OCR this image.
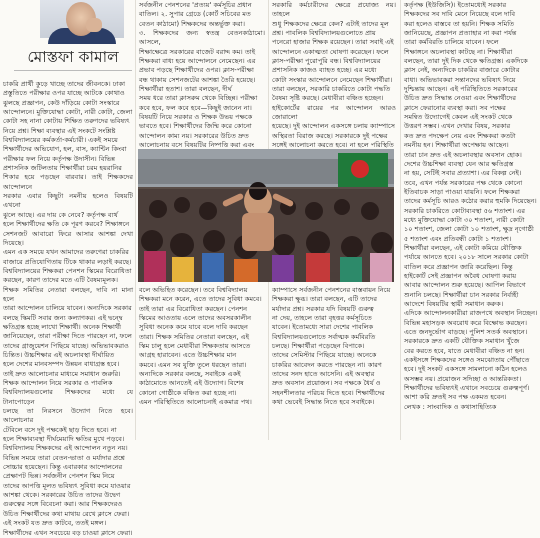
মোস্তফা কামাল

চাকরি প্রার্থী কুড়ে খাচ্ছে তাদের জীবনকে। ঢাকা

প্রস্তুতিতে পরীক্ষার ওপর যাচ্ছে আটকে কোথাও

ঝুলছে প্রজ্ঞাপন, কেউ দাঁড়িয়ে কোটা সংস্কারে

আন্দোলনে। মুক্তিযোদ্ধা কোটা, নারী কোটা, জেলা

কোটা সহ নানা কোটায় শিক্ষিত তরুণদের ভবিষ্যৎ

নিয়ে প্রশ্ন। শিক্ষা ব্যবস্থার এই সংকটে সংশ্লিষ্ট

বিশ্ববিদ্যালয়ের কর্মকর্তা-কর্মচারী। একই সময়ে

শিক্ষার্থীদের অভিযোগ, হল, বাস, ক্যান্টিন কিংবা

পরীক্ষার ফল নিয়ে কর্তৃপক্ষ উদাসীন। বিভিন্ন

প্রশাসনিক জটিলতায় শিক্ষার্থীরা চরম হয়রানির

শিকার হয়ে পড়ছেন বারবার। তাই শিক্ষকদের আন্দোলনে

সরকার এবার কিছুটা নমনীয় হলেও বিষয়টি এখনো

ঝুলে আছে। এর দায় কে নেবে? কর্তৃপক্ষ ব্যর্থ

হলে শিক্ষার্থীদের ক্ষতি কে পূরণ করবে? শিক্ষাঙ্গনে

সেশনজট আবারো ফিরে আসার আশঙ্কা দেখা দিয়েছে।

এমন এক সময়ে যখন আমাদের তরুণেরা চাকরির

বাজারে প্রতিযোগিতায় টিকে থাকার লড়াই করছে।

বিশ্ববিদ্যালয়ের শিক্ষকরা পেনশন স্কিমের বিরোধিতা

করছেন, কারণ তাদের মতে এটি বৈষম্যমূলক।

শিক্ষক সমিতির নেতারা বলছেন, দাবি না মানা হলে

তারা আন্দোলন চালিয়ে যাবেন। অন্যদিকে সরকার

বলছে স্কিমটি সবার জন্য কল্যাণকর। এই দ্বন্দ্বে

ক্ষতিগ্রস্ত হচ্ছে লাখো শিক্ষার্থী। অনেক শিক্ষার্থী

জানিয়েছেন, তারা পরীক্ষা দিতে পারছেন না, ফলে

তাদের গ্রাজুয়েশন পিছিয়ে যাচ্ছে। অভিভাবকরাও

চিন্তিত। উচ্চশিক্ষার এই অচলাবস্থা দীর্ঘায়িত

হলে দেশের মানবসম্পদ উন্নয়ন বাধাগ্রস্ত হবে।

তাই দ্রুত আলোচনার মাধ্যমে সমাধান জরুরি।

শিক্ষক আন্দোলন নিয়ে সরকার ও পাবলিক

বিশ্ববিদ্যালয়গুলোর শিক্ষকদের মধ্যে যে টানাপোড়েন

চলছে তা নিরসনে উদ্যোগ নিতে হবে। আলোচনার

টেবিলে বসে দুই পক্ষকেই ছাড় দিতে হবে। না

হলে শিক্ষাব্যবস্থা দীর্ঘমেয়াদি ক্ষতির মুখে পড়বে।

বিশ্ববিদ্যালয় শিক্ষকদের এই আন্দোলন নতুন নয়।

বিভিন্ন সময়ে তারা বেতন-ভাতা ও মর্যাদার প্রশ্নে

সোচ্চার হয়েছেন। কিন্তু এবারকার আন্দোলনের

প্রেক্ষাপট ভিন্ন। সর্বজনীন পেনশন স্কিম নিয়ে

তাদের আপত্তি মূলত ভবিষ্যৎ সুবিধা কমে যাওয়ার

আশঙ্কা থেকে। সরকারের উচিত তাদের উদ্বেগ

গুরুত্বের সঙ্গে বিবেচনা করা। আর শিক্ষকদেরও

উচিত শিক্ষার্থীদের কথা মাথায় রেখে ক্লাসে ফেরা।

এই সংকট যত দ্রুত কাটবে, ততই মঙ্গল।

শিক্ষার্থীদের এখন সবচেয়ে বড় চাওয়া ক্লাসে ফেরা।

সর্বজনীন পেনশনের 'প্রত্যয়' কর্মসূচির প্রধান

বাতিল। ২. সুপার গ্রেডে (কোর্ট সচিবের মত

বেতন কাঠামো) শিক্ষকদের অন্তর্ভুক্ত করা।

৩. শিক্ষকদের জন্য স্বতন্ত্র বেতনকাঠামো। আসলে,

শিক্ষাক্ষেত্রে সরকারের বাজেট বরাদ্দ কম। তাই

শিক্ষকরা বাধ্য হয়ে আন্দোলনে নেমেছেন। এর

প্রভাব পড়ছে শিক্ষার্থীদের ওপর। ক্লাস-পরীক্ষা

বন্ধ থাকায় সেশনজটের আশঙ্কা তৈরি হয়েছে।

শিক্ষার্থীরা হতাশ। তারা বলছেন, দীর্ঘ

সময় ধরে তারা ক্লাসরুম থেকে বিচ্ছিন্ন। পরীক্ষা

কবে হবে, ফল কবে হবে—কিছুই জানেন না।

বিষয়টি নিয়ে সরকার ও শিক্ষক উভয় পক্ষকে

ভাবতে হবে। শিক্ষার্থীদের জিম্মি করে কোনো

আন্দোলন কাম্য নয়। সরকারের উচিত দ্রুত

আলোচনায় বসে বিষয়টির নিষ্পত্তি করা এবং

সরকারি কর্মচারীদের ক্ষেত্রে প্রযোজ্য নয়। তাহলে

শুধু শিক্ষকদের ক্ষেত্রে কেন? এটাই তাদের মূল

প্রশ্ন। পাবলিক বিশ্ববিদ্যালয়গুলোতে প্রায়

পনেরো হাজার শিক্ষক রয়েছেন। তারা সবাই এই

আন্দোলনে একাত্মতা ঘোষণা করেছেন। ফলে

ক্লাস-পরীক্ষা পুরোপুরি বন্ধ। বিশ্ববিদ্যালয়ের

প্রশাসনিক কাজও ব্যাহত হচ্ছে। এর মধ্যে

কোটা সংস্কার আন্দোলনে নেমেছেন শিক্ষার্থীরা।

তারা বলছেন, সরকারি চাকরিতে কোটা পদ্ধতি

বৈষম্য সৃষ্টি করছে। মেধাবীরা বঞ্চিত হচ্ছেন।

হাইকোর্টের রায়ের পর আন্দোলন আরও জোরালো

হয়েছে। দুই আন্দোলন একসঙ্গে চলায় ক্যাম্পাসে

অস্থিরতা বিরাজ করছে। সরকারকে দুই পক্ষের

সঙ্গেই আলোচনা করতে হবে। না হলে পরিস্থিতি

কর্তৃপক্ষ (ইউজিসি)। ইতোমধ্যেই সরকার

শিক্ষকদের সব দাবি মেনে নিয়েছে বলে দাবি

করা হলেও বাস্তবে তা হয়নি। শিক্ষক সমিতি

জানিয়েছে, প্রজ্ঞাপন প্রত্যাহার না করা পর্যন্ত

তারা কর্মবিরতি চালিয়ে যাবেন। ফলে

শিক্ষাঙ্গনে অচলাবস্থা কাটছে না। শিক্ষার্থীরা

বলছেন, তারা দুই দিক থেকে ক্ষতিগ্রস্ত। একদিকে

ক্লাস নেই, অন্যদিকে চাকরির বাজারে কোটার

বাধা। অভিভাবকরা সন্তানদের ভবিষ্যৎ নিয়ে

দুশ্চিন্তায় আছেন। এই পরিস্থিতিতে সরকারের

উচিত দ্রুত সিদ্ধান্ত নেওয়া এবং শিক্ষার্থীদের

ক্লাসে ফেরানোর ব্যবস্থা করা। সব পক্ষের

সমন্বিত উদ্যোগেই কেবল এই সংকট থেকে

উত্তরণ সম্ভব। এখন দেখার বিষয়, সরকার

কত দ্রুত পদক্ষেপ নেয় এবং শিক্ষকরা কতটা

নমনীয় হন। শিক্ষার্থীরা অপেক্ষায় আছেন।

তারা চান দ্রুত এই অচলাবস্থার অবসান হোক।

দেশের উচ্চশিক্ষা ব্যবস্থা যেন আর ক্ষতিগ্রস্ত

না হয়, সেটিই সবার প্রত্যাশা। এর বিকল্প নেই।

তবে, এখন পর্যন্ত সরকারের পক্ষ থেকে কোনো

ইতিবাচক সাড়া পাওয়া যায়নি। ফলে শিক্ষকরা

তাদের কর্মসূচি আরও কঠোর করার হুমকি দিয়েছেন।

সরকারি চাকরিতে কোটাব্যবস্থা ৫৬ শতাংশ। এর

মধ্যে মুক্তিযোদ্ধা কোটা ৩০ শতাংশ, নারী কোটা

১০ শতাংশ, জেলা কোটা ১০ শতাংশ, ক্ষুদ্র নৃগোষ্ঠী

৫ শতাংশ এবং প্রতিবন্ধী কোটা ১ শতাংশ।

শিক্ষার্থীরা বলছেন, এই কোটা কমিয়ে যৌক্তিক

পর্যায়ে আনতে হবে। ২০১৮ সালে সরকার কোটা

বাতিল করে প্রজ্ঞাপন জারি করেছিল। কিন্তু

হাইকোর্ট সেই প্রজ্ঞাপন অবৈধ ঘোষণা করায়

আবার আন্দোলন শুরু হয়েছে। আপিল বিভাগে

শুনানি চলছে। শিক্ষার্থীরা চান সরকার নির্বাহী

আদেশে বিষয়টির স্থায়ী সমাধান করুক।

এদিকে আন্দোলনকারীরা রাজপথে অবস্থান নিচ্ছেন।

বিভিন্ন মহাসড়ক অবরোধ করে বিক্ষোভ করছেন।

এতে জনদুর্ভোগ বাড়ছে। পুলিশ সতর্ক অবস্থানে।

সরকারকে দ্রুত একটি যৌক্তিক সমাধান খুঁজে

বের করতে হবে, যাতে মেধাবীরা বঞ্চিত না হন।

একইসঙ্গে শিক্ষকদের সঙ্গেও সমঝোতায় পৌঁছাতে

হবে। দুই সংকট একসঙ্গে সামলানো কঠিন হলেও

অসম্ভব নয়। প্রয়োজন সদিচ্ছা ও আন্তরিকতা।

শিক্ষার্থীদের ভবিষ্যৎই এখানে সবচেয়ে গুরুত্বপূর্ণ।

আশা করি দ্রুতই সব পক্ষ একমত হবেন।

লেখক : সাংবাদিক ও কথাসাহিত্যিক

বলে অভিহিত করেছেন। তবে বিশ্ববিদ্যালয়

শিক্ষকরা মনে করেন, এতে তাদের সুবিধা কমবে।

তাই তারা এর বিরোধিতা করছেন। পেনশন

স্কিমের আওতায় এলে তাদের অবসরকালীন

সুবিধা অনেক কমে যাবে বলে দাবি করছেন

তারা। শিক্ষক সমিতির নেতারা বলছেন, এই

স্কিম চালু হলে মেধাবীরা শিক্ষকতায় আসতে

আগ্রহ হারাবেন। এতে উচ্চশিক্ষার মান

কমবে। এমন সব যুক্তি তুলে ধরছেন তারা।

অন্যদিকে সরকার বলছে, সবাইকে একই

কাঠামোতে আনতেই এই উদ্যোগ। বিশেষ

কোনো গোষ্ঠীকে বঞ্চিত করা হচ্ছে না।

এমন পরিস্থিতিতে আলোচনাই একমাত্র পথ।

ক্যাম্পাসে সর্বজনীন পেনশনের বাস্তবায়ন নিয়ে

শিক্ষকরা ক্ষুব্ধ। তারা বলছেন, এটি তাদের

মর্যাদার প্রশ্ন। সরকার যদি বিষয়টি গুরুত্ব

না দেয়, তাহলে তারা বৃহত্তর কর্মসূচিতে

যাবেন। ইতোমধ্যে সারা দেশের পাবলিক

বিশ্ববিদ্যালয়গুলোতে সর্বাত্মক কর্মবিরতি

চলছে। শিক্ষার্থীরা পড়েছেন বিপাকে।

তাদের সেমিস্টার পিছিয়ে যাচ্ছে। অনেকে

চাকরির আবেদন করতে পারছেন না। কারণ

তাদের সনদ হাতে আসেনি। এই অবস্থার

দ্রুত অবসান প্রয়োজন। সব পক্ষকে ধৈর্য ও

সহনশীলতার পরিচয় দিতে হবে। শিক্ষার্থীদের

কথা ভেবেই সিদ্ধান্ত নিতে হবে সবাইকে।
